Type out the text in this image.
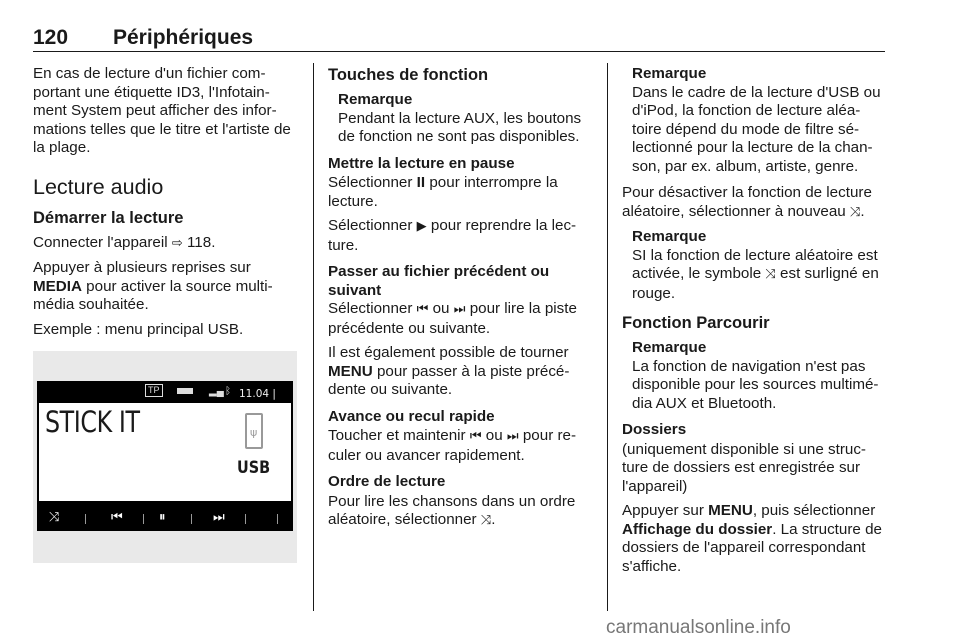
120 Périphériques

En cas de lecture d'un fichier com-portant une étiquette ID3, l'Infotain-ment System peut afficher des infor-mations telles que le titre et l'artiste de la plage.

Lecture audio
Démarrer la lecture

Connecter l'appareil ⇨ 118.

Appuyer à plusieurs reprises sur MEDIA pour activer la source multi-média souhaitée.

Exemple : menu principal USB.

TP	▂▄ ᛒ 11.04 |
STICK IT	ψ
USB
⤨	⏮	⏸	⏭
Touches de fonction
Remarque
Pendant la lecture AUX, les boutons de fonction ne sont pas disponibles.
Mettre la lecture en pause

Sélectionner II pour interrompre la lecture.

Sélectionner ▶ pour reprendre la lec-ture.

Passer au fichier précédent ou suivant

Sélectionner ⏮ ou ⏭ pour lire la piste précédente ou suivante.

Il est également possible de tourner MENU pour passer à la piste précé-dente ou suivante.

Avance ou recul rapide

Toucher et maintenir ⏮ ou ⏭ pour re-culer ou avancer rapidement.

Ordre de lecture

Pour lire les chansons dans un ordre aléatoire, sélectionner ⤨.

Remarque
Dans le cadre de la lecture d'USB ou d'iPod, la fonction de lecture aléa-toire dépend du mode de filtre sé-lectionné pour la lecture de la chan-son, par ex. album, artiste, genre.

Pour désactiver la fonction de lecture aléatoire, sélectionner à nouveau ⤨.

Remarque
SI la fonction de lecture aléatoire est activée, le symbole ⤨ est surligné en rouge.
Fonction Parcourir
Remarque
La fonction de navigation n'est pas disponible pour les sources multimé-dia AUX et Bluetooth.
Dossiers

(uniquement disponible si une struc-ture de dossiers est enregistrée sur l'appareil)

Appuyer sur MENU, puis sélectionner Affichage du dossier. La structure de dossiers de l'appareil correspondant s'affiche.

carmanualsonline.info
